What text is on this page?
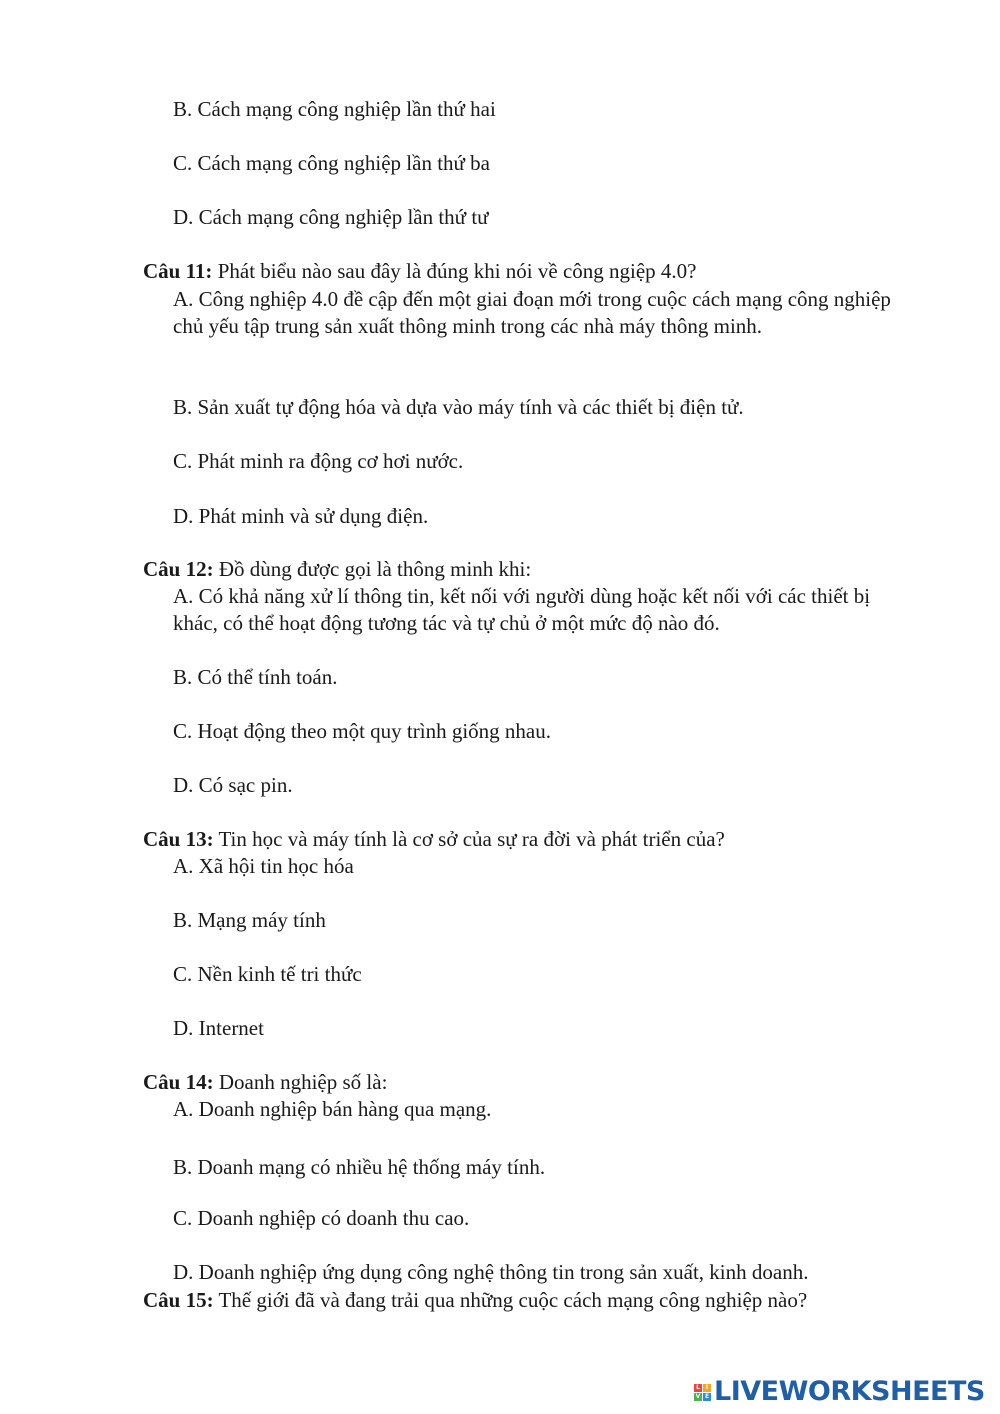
B. Cách mạng công nghiệp lần thứ hai
C. Cách mạng công nghiệp lần thứ ba
D. Cách mạng công nghiệp lần thứ tư
Câu 11: Phát biểu nào sau đây là đúng khi nói về công ngiệp 4.0?
A. Công nghiệp 4.0 đề cập đến một giai đoạn mới trong cuộc cách mạng công nghiệp chủ yếu tập trung sản xuất thông minh trong các nhà máy thông minh.
B. Sản xuất tự động hóa và dựa vào máy tính và các thiết bị điện tử.
C. Phát minh ra động cơ hơi nước.
D. Phát minh và sử dụng điện.
Câu 12: Đồ dùng được gọi là thông minh khi:
A. Có khả năng xử lí thông tin, kết nối với người dùng hoặc kết nối với các thiết bị khác, có thể hoạt động tương tác và tự chủ ở một mức độ nào đó.
B. Có thể tính toán.
C. Hoạt động theo một quy trình giống nhau.
D. Có sạc pin.
Câu 13: Tin học và máy tính là cơ sở của sự ra đời và phát triển của?
A. Xã hội tin học hóa
B. Mạng máy tính
C. Nền kinh tế tri thức
D. Internet
Câu 14: Doanh nghiệp số là:
A. Doanh nghiệp bán hàng qua mạng.
B. Doanh mạng có nhiều hệ thống máy tính.
C. Doanh nghiệp có doanh thu cao.
D. Doanh nghiệp ứng dụng công nghệ thông tin trong sản xuất, kinh doanh.
Câu 15: Thế giới đã và đang trải qua những cuộc cách mạng công nghiệp nào?
L I
V E LIVEWORKSHEETS
